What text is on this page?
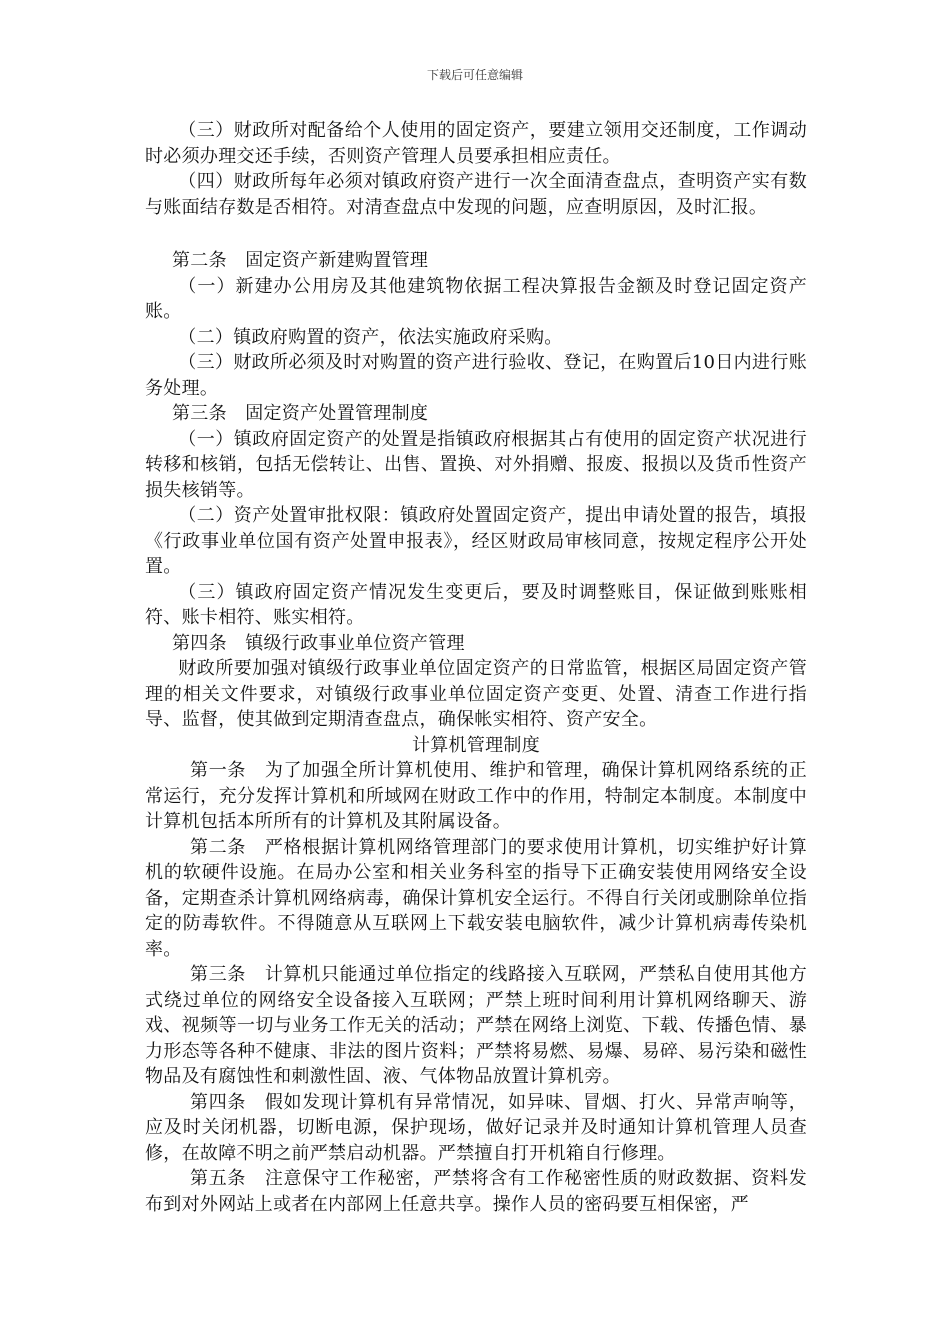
下载后可任意编辑

（三）财政所对配备给个人使用的固定资产，要建立领用交还制度，工作调动时必须办理交还手续，否则资产管理人员要承担相应责任。

（四）财政所每年必须对镇政府资产进行一次全面清查盘点，查明资产实有数与账面结存数是否相符。对清查盘点中发现的问题，应查明原因，及时汇报。

第二条　固定资产新建购置管理

（一）新建办公用房及其他建筑物依据工程决算报告金额及时登记固定资产账。

（二）镇政府购置的资产，依法实施政府采购。

（三）财政所必须及时对购置的资产进行验收、登记，在购置后10日内进行账务处理。

第三条　固定资产处置管理制度

（一）镇政府固定资产的处置是指镇政府根据其占有使用的固定资产状况进行转移和核销，包括无偿转让、出售、置换、对外捐赠、报废、报损以及货币性资产损失核销等。

（二）资产处置审批权限：镇政府处置固定资产，提出申请处置的报告，填报《行政事业单位国有资产处置申报表》，经区财政局审核同意，按规定程序公开处置。

（三）镇政府固定资产情况发生变更后，要及时调整账目，保证做到账账相符、账卡相符、账实相符。

第四条　镇级行政事业单位资产管理

财政所要加强对镇级行政事业单位固定资产的日常监管，根据区局固定资产管理的相关文件要求，对镇级行政事业单位固定资产变更、处置、清查工作进行指导、监督，使其做到定期清查盘点，确保帐实相符、资产安全。

计算机管理制度

第一条　为了加强全所计算机使用、维护和管理，确保计算机网络系统的正常运行，充分发挥计算机和所域网在财政工作中的作用，特制定本制度。本制度中计算机包括本所所有的计算机及其附属设备。

第二条　严格根据计算机网络管理部门的要求使用计算机，切实维护好计算机的软硬件设施。在局办公室和相关业务科室的指导下正确安装使用网络安全设备，定期查杀计算机网络病毒，确保计算机安全运行。不得自行关闭或删除单位指定的防毒软件。不得随意从互联网上下载安装电脑软件，减少计算机病毒传染机率。

第三条　计算机只能通过单位指定的线路接入互联网，严禁私自使用其他方式绕过单位的网络安全设备接入互联网；严禁上班时间利用计算机网络聊天、游戏、视频等一切与业务工作无关的活动；严禁在网络上浏览、下载、传播色情、暴力形态等各种不健康、非法的图片资料；严禁将易燃、易爆、易碎、易污染和磁性物品及有腐蚀性和刺激性固、液、气体物品放置计算机旁。

第四条　假如发现计算机有异常情况，如异味、冒烟、打火、异常声响等，应及时关闭机器，切断电源，保护现场，做好记录并及时通知计算机管理人员查修，在故障不明之前严禁启动机器。严禁擅自打开机箱自行修理。

第五条　注意保守工作秘密，严禁将含有工作秘密性质的财政数据、资料发布到对外网站上或者在内部网上任意共享。操作人员的密码要互相保密，严
